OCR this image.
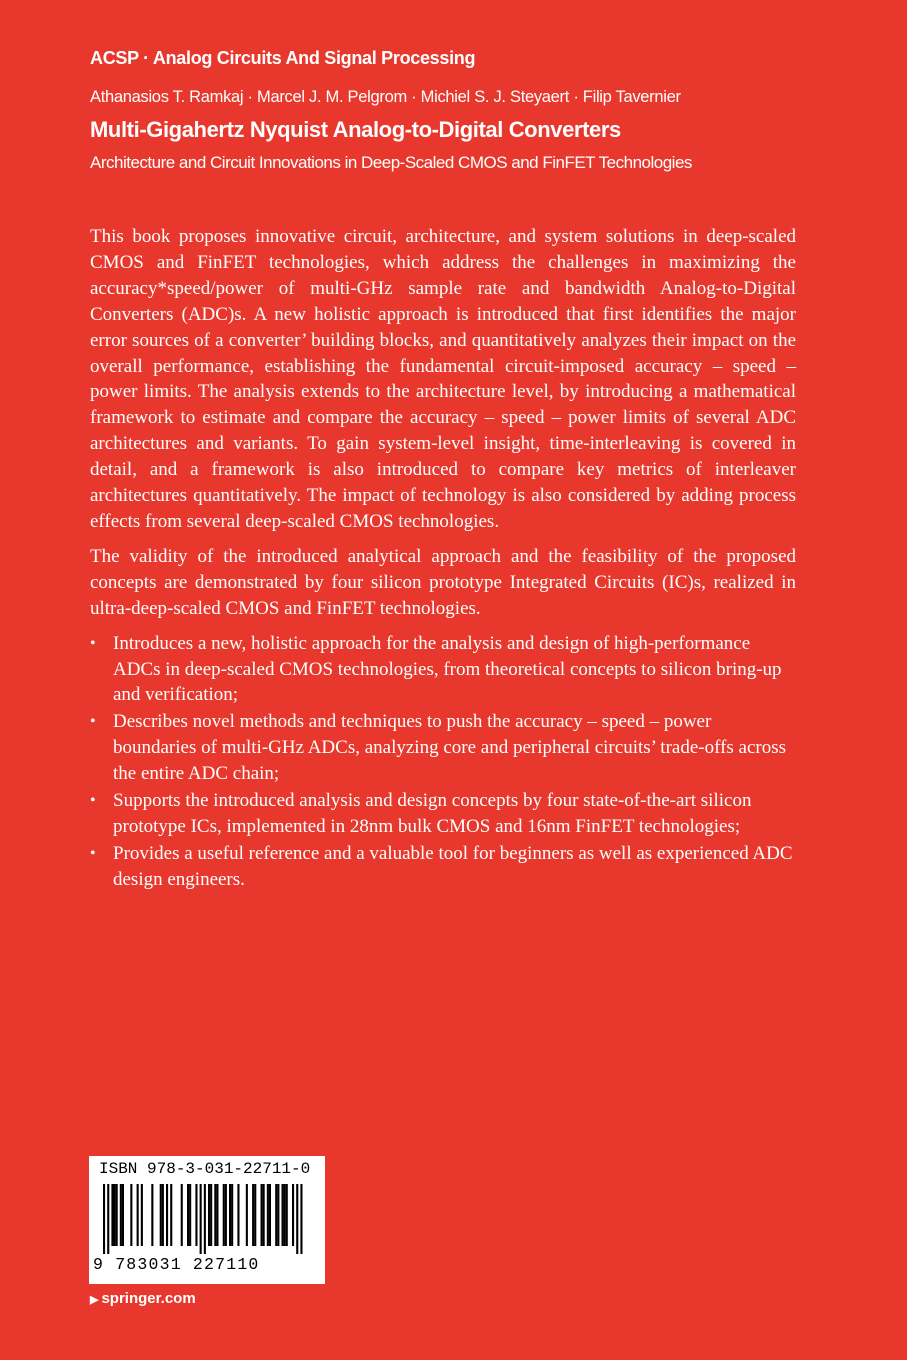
ACSP · Analog Circuits And Signal Processing
Athanasios T. Ramkaj · Marcel J. M. Pelgrom · Michiel S. J. Steyaert · Filip Tavernier
Multi-Gigahertz Nyquist Analog-to-Digital Converters
Architecture and Circuit Innovations in Deep-Scaled CMOS and FinFET Technologies

This book proposes innovative circuit, architecture, and system solutions in deep-scaled CMOS and FinFET technologies, which address the challenges in maximizing the accuracy*speed/power of multi-GHz sample rate and bandwidth Analog-to-Digital Converters (ADC)s. A new holistic approach is introduced that first identifies the major error sources of a converter’ building blocks, and quantitatively analyzes their impact on the overall performance, establishing the fundamental circuit-imposed accuracy – speed – power limits. The analysis extends to the architecture level, by introducing a mathematical framework to estimate and compare the accuracy – speed – power limits of several ADC architectures and variants. To gain system-level insight, time-interleaving is covered in detail, and a framework is also introduced to compare key metrics of interleaver architectures quantitatively. The impact of technology is also considered by adding process effects from several deep-scaled CMOS technologies.

The validity of the introduced analytical approach and the feasibility of the proposed concepts are demonstrated by four silicon prototype Integrated Circuits (IC)s, realized in ultra-deep-scaled CMOS and FinFET technologies.

• Introduces a new, holistic approach for the analysis and design of high-performance ADCs in deep-scaled CMOS technologies, from theoretical concepts to silicon bring-up and verification;
• Describes novel methods and techniques to push the accuracy – speed – power boundaries of multi-GHz ADCs, analyzing core and peripheral circuits’ trade-offs across the entire ADC chain;
• Supports the introduced analysis and design concepts by four state-of-the-art silicon prototype ICs, implemented in 28nm bulk CMOS and 16nm FinFET technologies;
• Provides a useful reference and a valuable tool for beginners as well as experienced ADC design engineers.
ISBN 978-3-031-22711-0
9 783031 227110
▶ springer.com
